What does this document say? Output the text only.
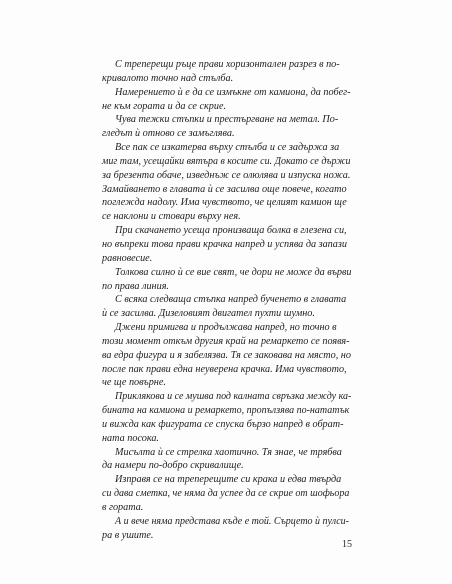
С треперещи ръце прави хоризонтален разрез в по-
кривалото точно над стълба.

Намерението ѝ е да се измъкне от камиона, да побег-
не към гората и да се скрие.

Чува тежки стъпки и престъргване на метал. По-
гледът ѝ отново се замъглява.

Все пак се изкатерва върху стълба и се задържа за
миг там, усещайки вятъра в косите си. Докато се държи
за брезента обаче, изведнъж се олюлява и изпуска ножа.
Замайването в главата ѝ се засилва още повече, когато
поглежда надолу. Има чувството, че целият камион ще
се наклони и стовари върху нея.

При скачането усеща пронизваща болка в глезена си,
но въпреки това прави крачка напред и успява да запази
равновесие.

Толкова силно ѝ се вие свят, че дори не може да върви
по права линия.

С всяка следваща стъпка напред бученето в главата
ѝ се засилва. Дизеловият двигател пухти шумно.

Джени примигва и продължава напред, но точно в
този момент откъм другия край на ремаркето се появя-
ва едра фигура и я забелязва. Тя се заковава на място, но
после пак прави една неуверена крачка. Има чувството,
че ще повърне.

Приклякова и се мушва под калната свръзка между ка-
бината на камиона и ремаркето, пропълзява по-нататък
и вижда как фигурата се спуска бързо напред в обрат-
ната посока.

Мисълта ѝ се стрелка хаотично. Тя знае, че трябва
да намери по-добро скривалище.

Изправя се на треперещите си крака и едва твърда
си дава сметка, че няма да успее да се скрие от шофьора
в гората.

А и вече няма представа къде е той. Сърцето ѝ пулси-
ра в ушите.

15
